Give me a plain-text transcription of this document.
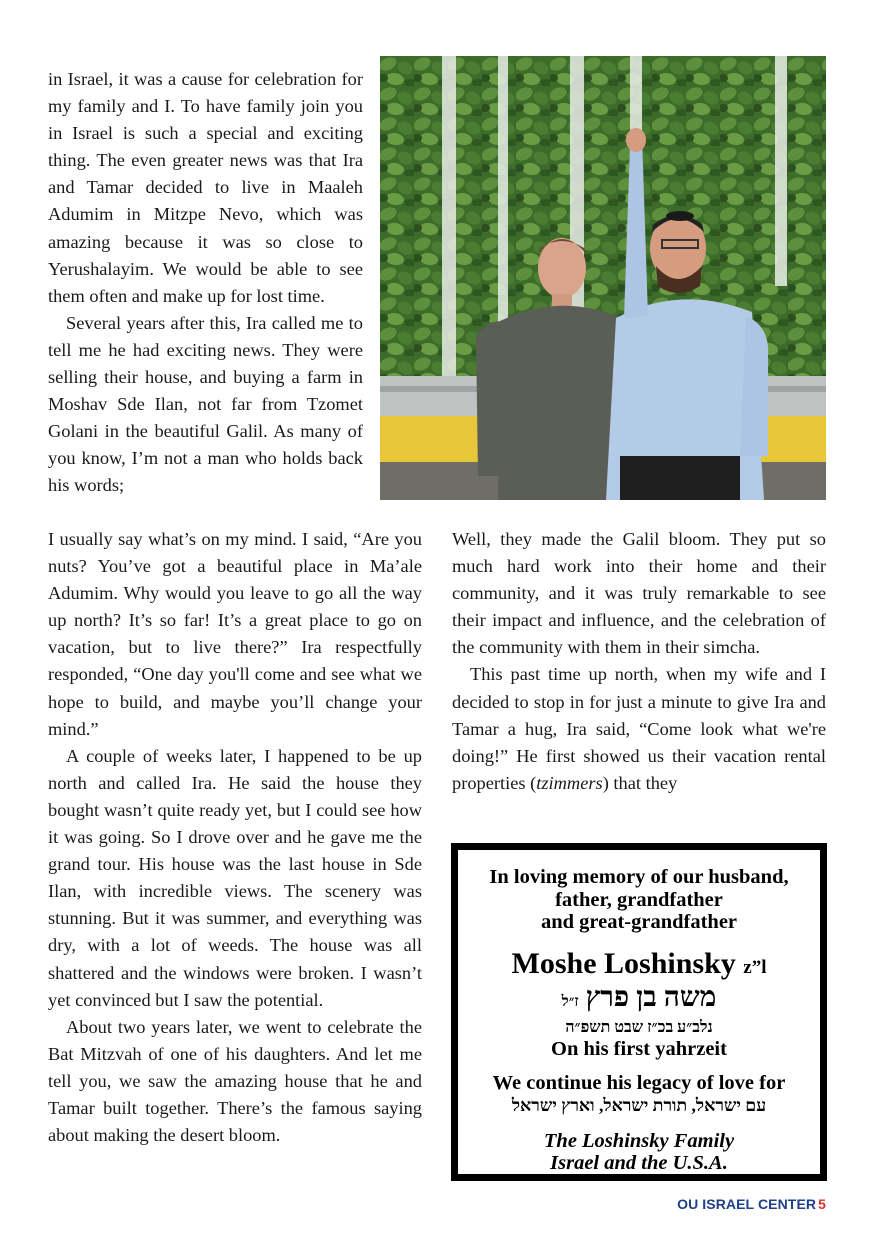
in Israel, it was a cause for celebration for my family and I. To have family join you in Israel is such a special and exciting thing. The even greater news was that Ira and Tamar decided to live in Maaleh Adumim in Mitzpe Nevo, which was amazing because it was so close to Yerushalayim. We would be able to see them often and make up for lost time.

Several years after this, Ira called me to tell me he had exciting news. They were selling their house, and buying a farm in Moshav Sde Ilan, not far from Tzomet Golani in the beautiful Galil. As many of you know, I’m not a man who holds back his words;

I usually say what’s on my mind. I said, “Are you nuts? You’ve got a beautiful place in Ma’ale Adumim. Why would you leave to go all the way up north? It’s so far! It’s a great place to go on vacation, but to live there?” Ira respectfully responded, “One day you'll come and see what we hope to build, and maybe you’ll change your mind.”

A couple of weeks later, I happened to be up north and called Ira. He said the house they bought wasn’t quite ready yet, but I could see how it was going. So I drove over and he gave me the grand tour. His house was the last house in Sde Ilan, with incredible views. The scenery was stunning. But it was summer, and everything was dry, with a lot of weeds. The house was all shattered and the windows were broken. I wasn’t yet convinced but I saw the potential.

About two years later, we went to celebrate the Bat Mitzvah of one of his daughters. And let me tell you, we saw the amazing house that he and Tamar built together. There’s the famous saying about making the desert bloom.

Well, they made the Galil bloom. They put so much hard work into their home and their community, and it was truly remarkable to see their impact and influence, and the celebration of the community with them in their simcha.

This past time up north, when my wife and I decided to stop in for just a minute to give Ira and Tamar a hug, Ira said, “Come look what we're doing!” He first showed us their vacation rental properties (tzimmers) that they

In loving memory of our husband,
father, grandfather
and great-grandfather
Moshe Loshinsky z”l
משה בן פרץ ז״ל
נלב״ע בכ״ז שבט תשפ״ה
On his first yahrzeit
We continue his legacy of love for
עם ישראל, תורת ישראל, וארץ ישראל
The Loshinsky Family
Israel and the U.S.A.
OU ISRAEL CENTER 5
